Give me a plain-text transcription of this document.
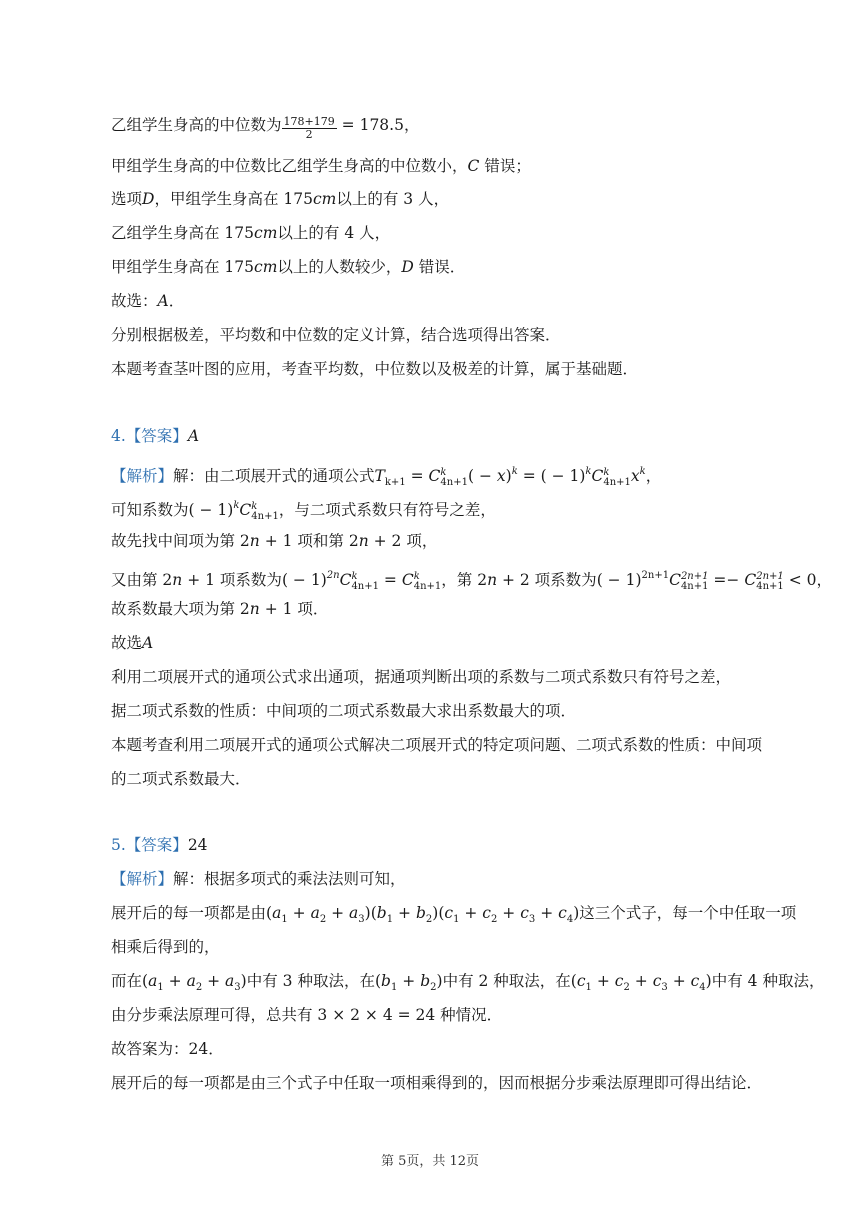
乙组学生身高的中位数为 $\frac{178+179}{2} = 178.5$，
甲组学生身高的中位数比乙组学生身高的中位数小，C 错误；
选项D，甲组学生身高在 175cm以上的有 3 人，
乙组学生身高在 175cm以上的有 4 人，
甲组学生身高在 175cm以上的人数较少，D 错误．
故选：A．
分别根据极差，平均数和中位数的定义计算，结合选项得出答案．
本题考查茎叶图的应用，考查平均数，中位数以及极差的计算，属于基础题．
4.【答案】A
【解析】解：由二项展开式的通项公式$T_{k+1} = C$ k
4n+1 ( − x)$^k$ = ( − 1)$^k$C k
4n+1 $x^k$，
可知系数为( − 1)$^k$C k
4n+1 ，与二项式系数只有符号之差，
故先找中间项为第 2n + 1 项和第 2n + 2 项，
又由第 2n + 1 项系数为( − 1)$^{2n}$C k
4n+1 = C k
4n+1 ，第 2n + 2 项系数为( − 1)$^{2n+1}$C 2n+1
4n+1 =− C 2n+1
4n+1 < 0，
故系数最大项为第 2n + 1 项．
故选A
利用二项展开式的通项公式求出通项，据通项判断出项的系数与二项式系数只有符号之差，
据二项式系数的性质：中间项的二项式系数最大求出系数最大的项．
本题考查利用二项展开式的通项公式解决二项展开式的特定项问题、二项式系数的性质：中间项
的二项式系数最大．
5.【答案】24
【解析】解：根据多项式的乘法法则可知，
展开后的每一项都是由$(a_1 + a_2 + a_3)(b_1 + b_2)(c_1 + c_2 + c_3 + c_4)$这三个式子，每一个中任取一项
相乘后得到的，
而在$(a_1 + a_2 + a_3)$中有 3 种取法，在$(b_1 + b_2)$中有 2 种取法，在$(c_1 + c_2 + c_3 + c_4)$中有 4 种取法，
由分步乘法原理可得，总共有 3 × 2 × 4 = 24 种情况．
故答案为：24．
展开后的每一项都是由三个式子中任取一项相乘得到的，因而根据分步乘法原理即可得出结论．
第 5页，共 12页
